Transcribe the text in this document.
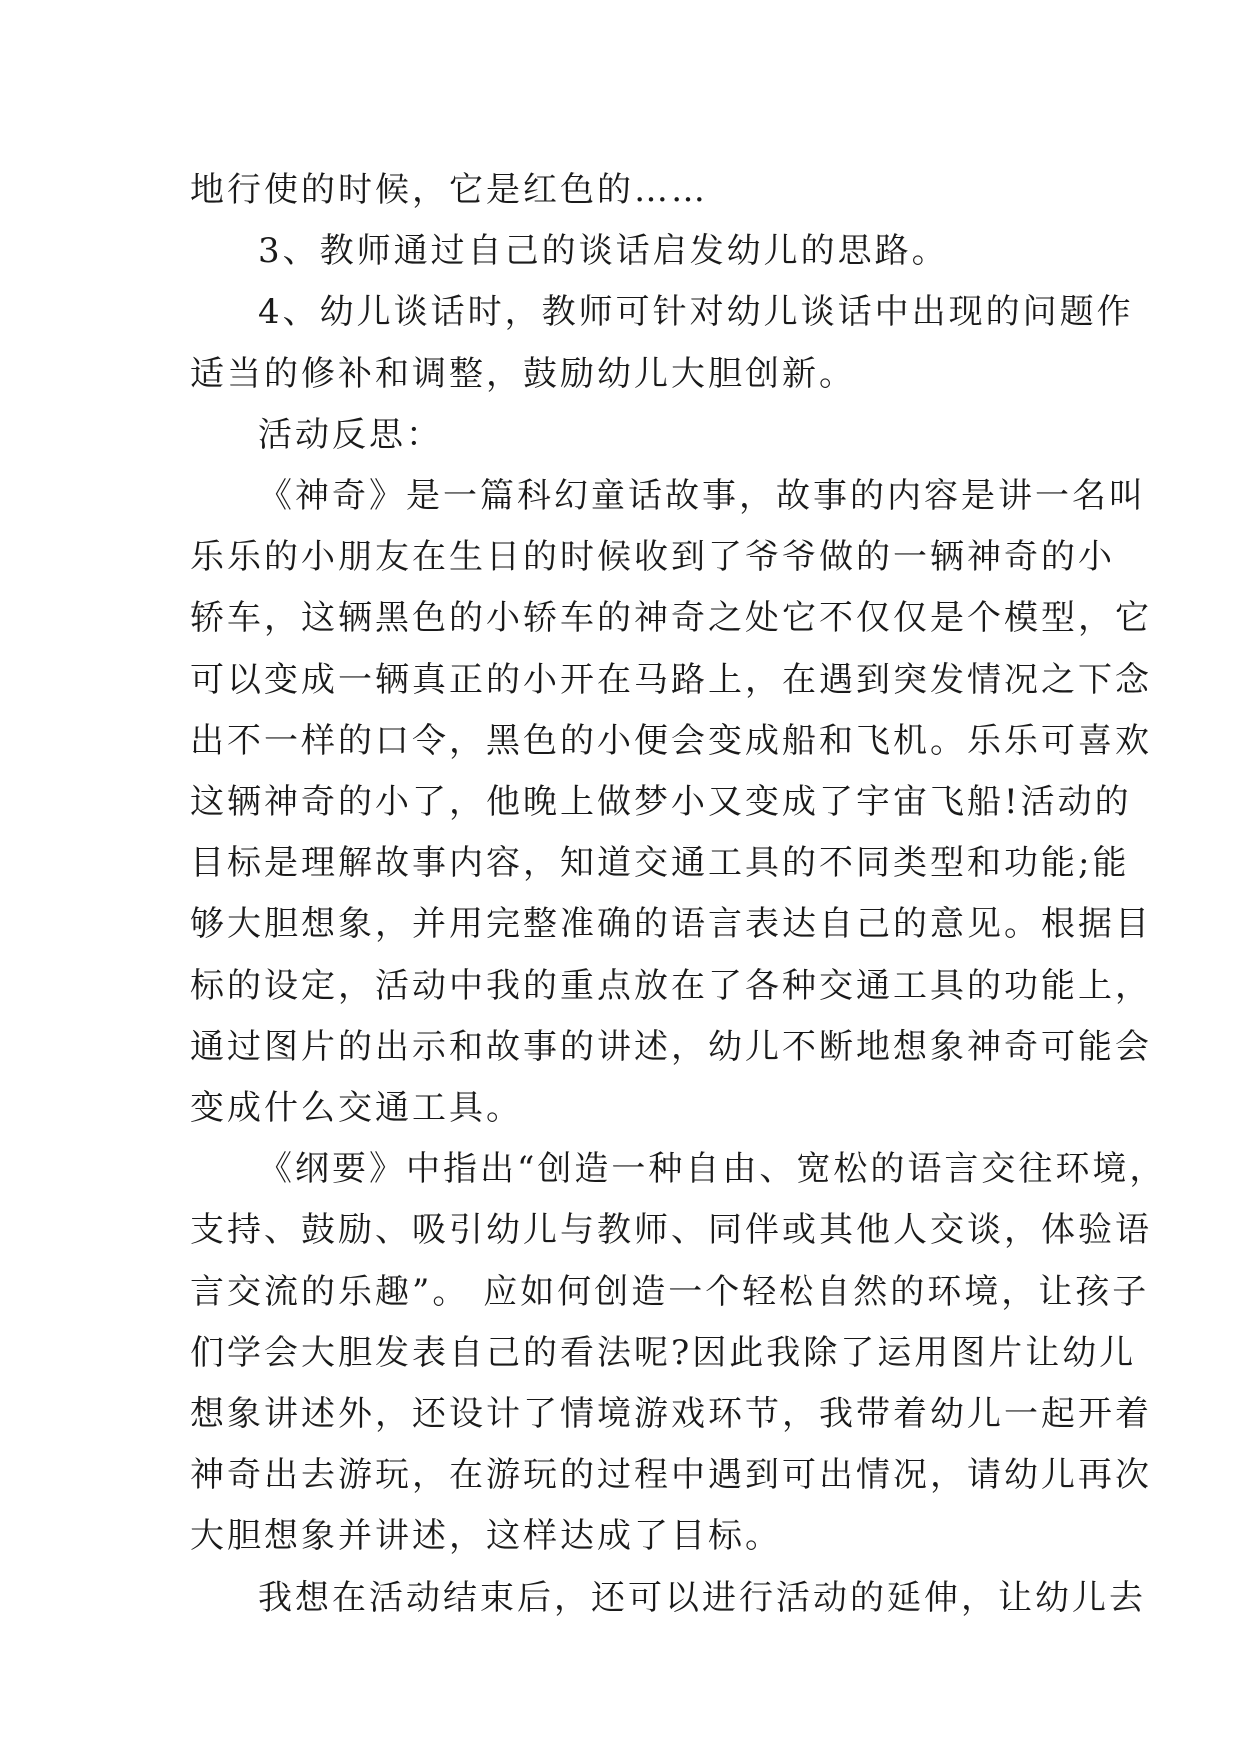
地行使的时候，它是红色的……

3、教师通过自己的谈话启发幼儿的思路。

4、幼儿谈话时，教师可针对幼儿谈话中出现的问题作
适当的修补和调整，鼓励幼儿大胆创新。

活动反思：

《神奇》是一篇科幻童话故事，故事的内容是讲一名叫
乐乐的小朋友在生日的时候收到了爷爷做的一辆神奇的小
轿车，这辆黑色的小轿车的神奇之处它不仅仅是个模型，它
可以变成一辆真正的小开在马路上，在遇到突发情况之下念
出不一样的口令，黑色的小便会变成船和飞机。乐乐可喜欢
这辆神奇的小了，他晚上做梦小又变成了宇宙飞船!活动的
目标是理解故事内容，知道交通工具的不同类型和功能;能
够大胆想象，并用完整准确的语言表达自己的意见。根据目
标的设定，活动中我的重点放在了各种交通工具的功能上，
通过图片的出示和故事的讲述，幼儿不断地想象神奇可能会
变成什么交通工具。

《纲要》中指出“创造一种自由、宽松的语言交往环境，
支持、鼓励、吸引幼儿与教师、同伴或其他人交谈，体验语
言交流的乐趣”。 应如何创造一个轻松自然的环境，让孩子
们学会大胆发表自己的看法呢?因此我除了运用图片让幼儿
想象讲述外，还设计了情境游戏环节，我带着幼儿一起开着
神奇出去游玩，在游玩的过程中遇到可出情况，请幼儿再次
大胆想象并讲述，这样达成了目标。

我想在活动结束后，还可以进行活动的延伸，让幼儿去
